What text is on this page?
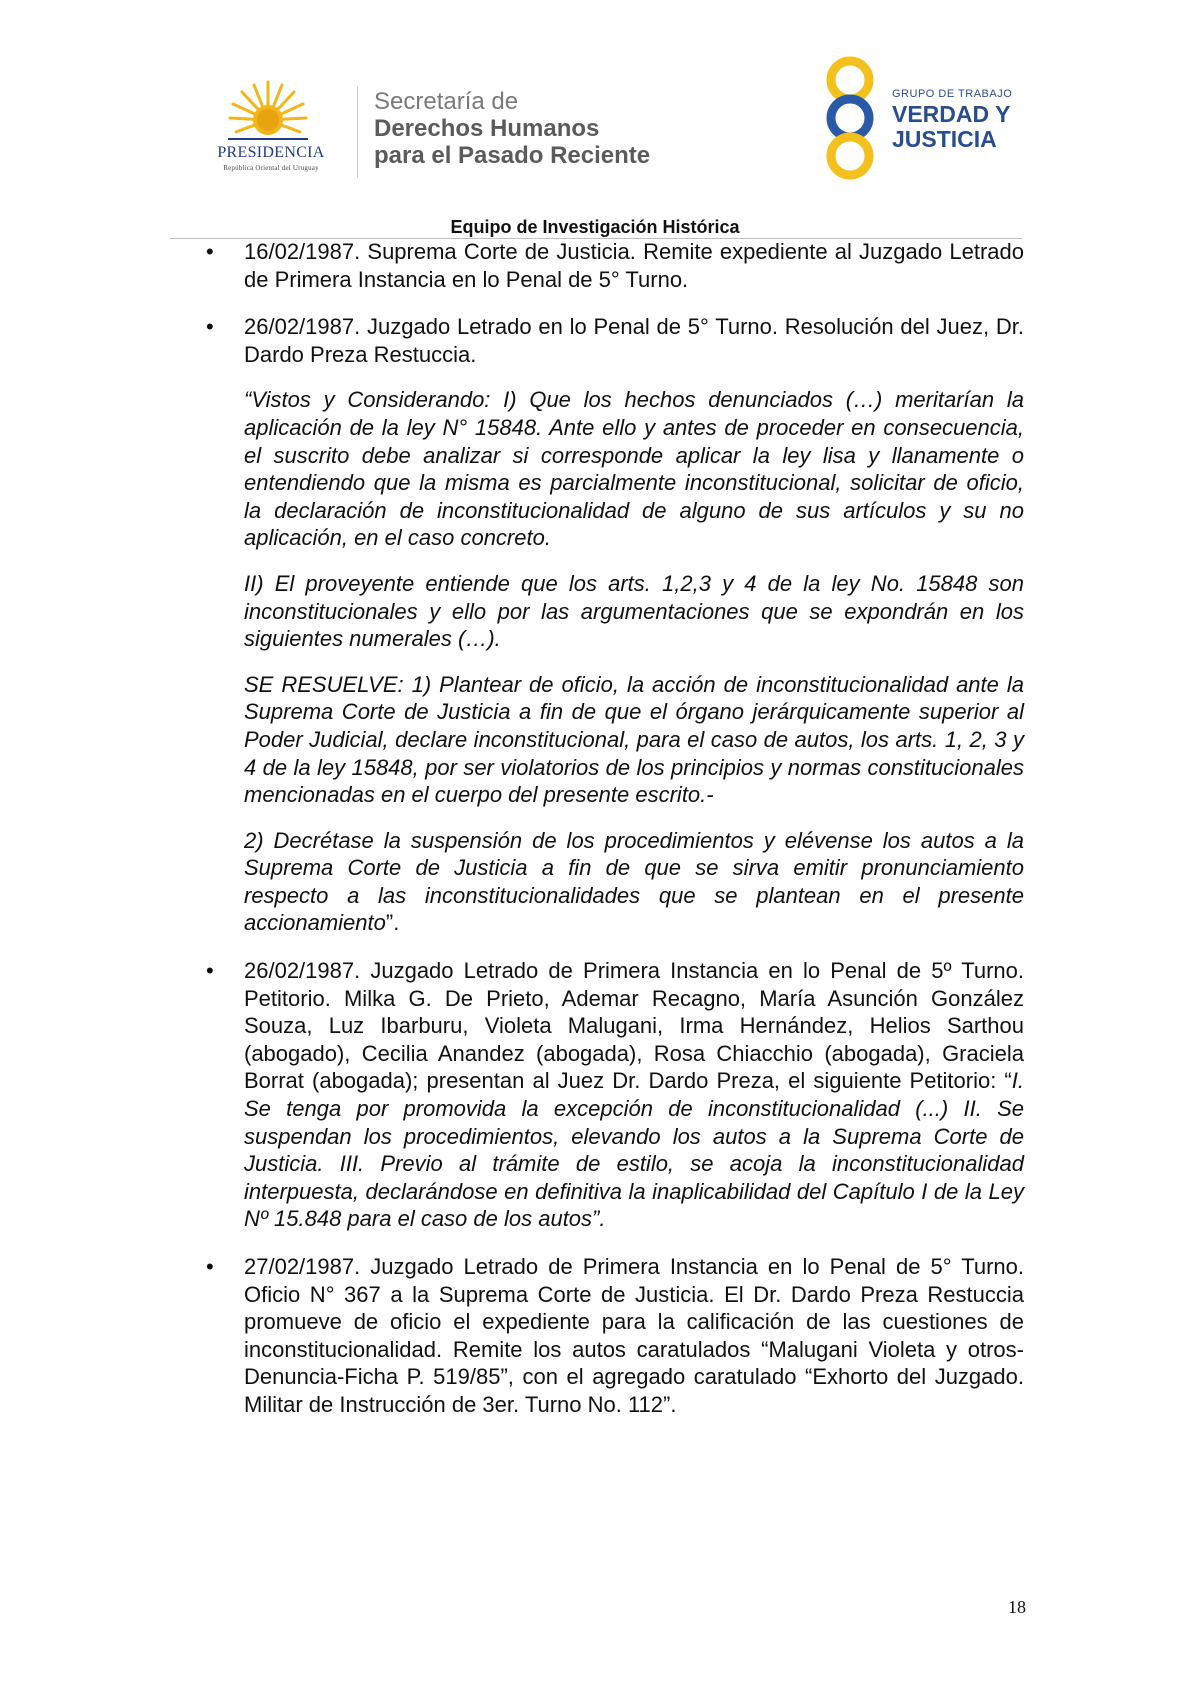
PRESIDENCIA
República Oriental del Uruguay
Secretaría de
Derechos Humanos
para el Pasado Reciente
GRUPO DE TRABAJO
VERDAD Y
JUSTICIA
Equipo de Investigación Histórica
•	16/02/1987. Suprema Corte de Justicia. Remite expediente al Juzgado Letrado de Primera Instancia en lo Penal de 5° Turno.
•	26/02/1987. Juzgado Letrado en lo Penal de 5° Turno. Resolución del Juez, Dr. Dardo Preza Restuccia.
“Vistos y Considerando: I) Que los hechos denunciados (…) meritarían la aplicación de la ley N° 15848. Ante ello y antes de proceder en consecuencia, el suscrito debe analizar si corresponde aplicar la ley lisa y llanamente o entendiendo que la misma es parcialmente inconstitucional, solicitar de oficio, la declaración de inconstitucionalidad de alguno de sus artículos y su no aplicación, en el caso concreto.
II) El proveyente entiende que los arts. 1,2,3 y 4 de la ley No. 15848 son inconstitucionales y ello por las argumentaciones que se expondrán en los siguientes numerales (…).
SE RESUELVE: 1) Plantear de oficio, la acción de inconstitucionalidad ante la Suprema Corte de Justicia a fin de que el órgano jerárquicamente superior al Poder Judicial, declare inconstitucional, para el caso de autos, los arts. 1, 2, 3 y 4 de la ley 15848, por ser violatorios de los principios y normas constitucionales mencionadas en el cuerpo del presente escrito.-
2) Decrétase la suspensión de los procedimientos y elévense los autos a la Suprema Corte de Justicia a fin de que se sirva emitir pronunciamiento respecto a las inconstitucionalidades que se plantean en el presente accionamiento”.
•	26/02/1987. Juzgado Letrado de Primera Instancia en lo Penal de 5º Turno. Petitorio. Milka G. De Prieto, Ademar Recagno, María Asunción González Souza, Luz Ibarburu, Violeta Malugani, Irma Hernández, Helios Sarthou (abogado), Cecilia Anandez (abogada), Rosa Chiacchio (abogada), Graciela Borrat (abogada); presentan al Juez Dr. Dardo Preza, el siguiente Petitorio: “I. Se tenga por promovida la excepción de inconstitucionalidad (...) II. Se suspendan los procedimientos, elevando los autos a la Suprema Corte de Justicia. III. Previo al trámite de estilo, se acoja la inconstitucionalidad interpuesta, declarándose en definitiva la inaplicabilidad del Capítulo I de la Ley Nº 15.848 para el caso de los autos”.
•	27/02/1987. Juzgado Letrado de Primera Instancia en lo Penal de 5° Turno. Oficio N° 367 a la Suprema Corte de Justicia. El Dr. Dardo Preza Restuccia promueve de oficio el expediente para la calificación de las cuestiones de inconstitucionalidad. Remite los autos caratulados “Malugani Violeta y otros-Denuncia-Ficha P. 519/85”, con el agregado caratulado “Exhorto del Juzgado. Militar de Instrucción de 3er. Turno No. 112”.
18
